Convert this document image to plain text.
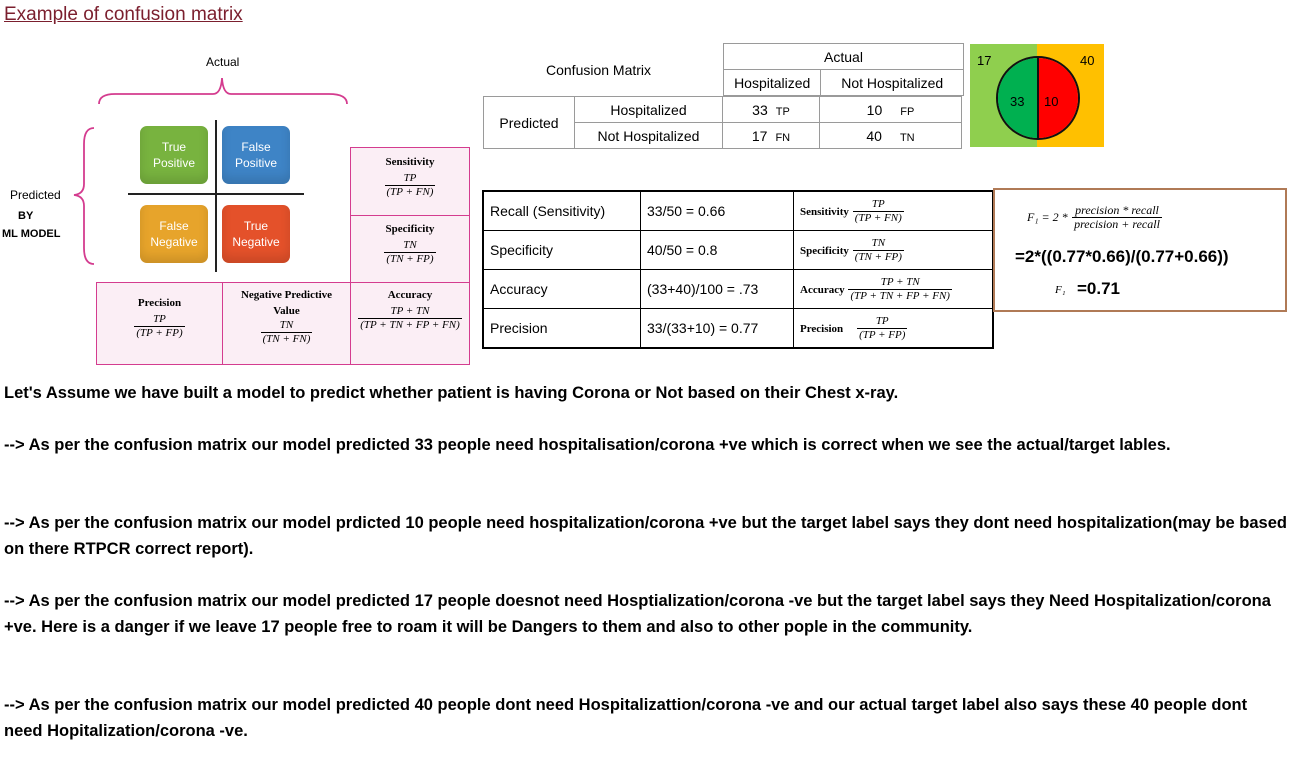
Example of confusion matrix
Actual
Predicted
BY
ML MODEL
True
Positive
False
Positive
False
Negative
True
Negative
Sensitivity
$\frac{TP}{(TP + FN)}$
Specificity
$\frac{TN}{(TN + FP)}$
Precision
$\frac{TP}{(TP + FP)}$
Negative Predictive
Value
$\frac{TN}{(TN + FN)}$
Accuracy
$\frac{TP + TN}{(TP + TN + FP + FN)}$
Confusion Matrix
Actual
Hospitalized	Not Hospitalized
Predicted	Hospitalized	33 TP	10 FP
	Not Hospitalized	17 FN	40 TN
17	40
33 10
Recall (Sensitivity)	33/50 = 0.66	Sensitivity $\frac{TP}{(TP + FN)}$

Specificity	40/50 = 0.8	Specificity $\frac{TN}{(TN + FP)}$

Accuracy	(33+40)/100 = .73	Accuracy $\frac{TP + TN}{(TP + TN + FP + FN)}$

Precision	33/(33+10) = 0.77	Precision $\frac{TP}{(TP + FP)}$
$F_1 = 2 * \frac{\text{precision * recall}}{\text{precision + recall}}$
=2*((0.77*0.66)/(0.77+0.66))
F₁ =0.71
Let's Assume we have built a model to predict whether patient is having Corona or Not based on their Chest x-ray.
--> As per the confusion matrix our model predicted 33 people need hospitalisation/corona +ve which is correct when we see the actual/target lables.
--> As per the confusion matrix our model prdicted 10 people need hospitalization/corona +ve but the target label says they dont need hospitalization(may be based on there RTPCR correct report).
--> As per the confusion matrix our model predicted 17 people doesnot need Hosptialization/corona -ve but the target label says they Need Hospitalization/corona +ve. Here is a danger if we leave 17 people free to roam it will be Dangers to them and also to other pople in the community.
--> As per the confusion matrix our model predicted 40 people dont need Hospitalizattion/corona -ve and our actual target label also says these 40 people dont need Hopitalization/corona -ve.
